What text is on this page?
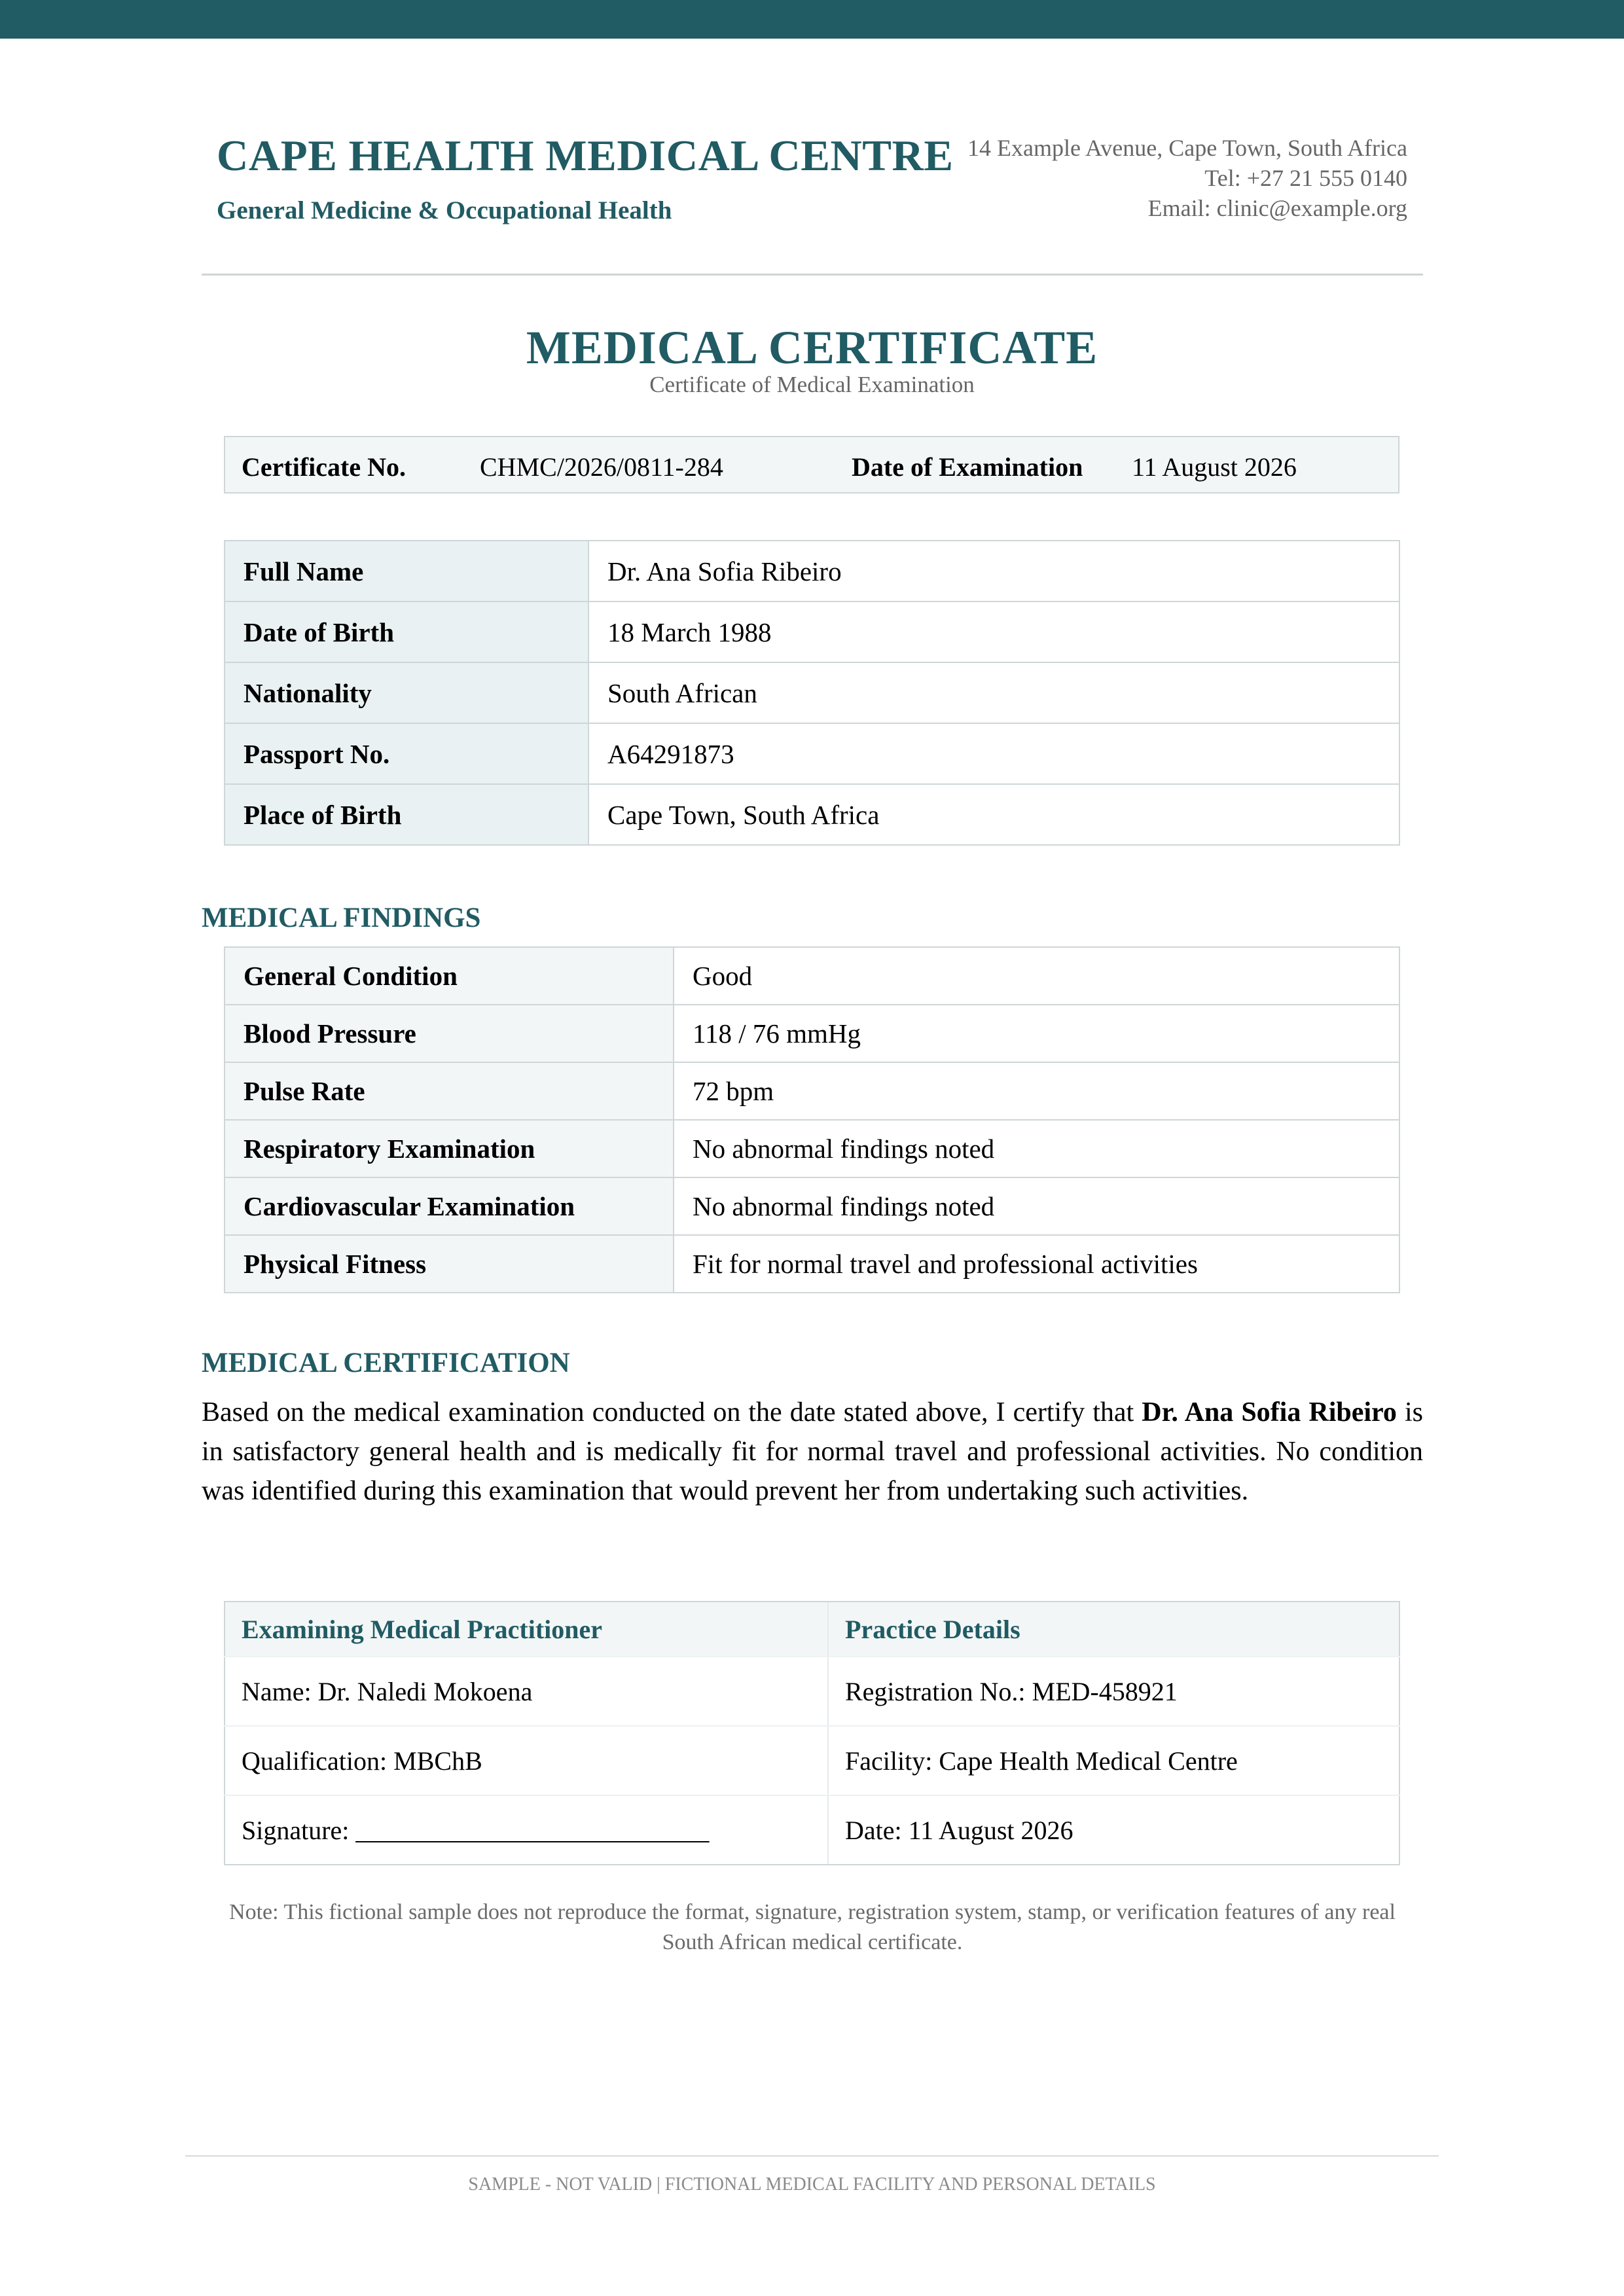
CAPE HEALTH MEDICAL CENTRE
General Medicine & Occupational Health
14 Example Avenue, Cape Town, South Africa
Tel: +27 21 555 0140
Email: clinic@example.org
MEDICAL CERTIFICATE
Certificate of Medical Examination
Certificate No.	CHMC/2026/0811-284	Date of Examination 11 August 2026
Full Name	Dr. Ana Sofia Ribeiro
Date of Birth	18 March 1988
Nationality	South African
Passport No.	A64291873
Place of Birth	Cape Town, South Africa
MEDICAL FINDINGS
General Condition	Good
Blood Pressure	118 / 76 mmHg
Pulse Rate	72 bpm
Respiratory Examination	No abnormal findings noted
Cardiovascular Examination	No abnormal findings noted
Physical Fitness	Fit for normal travel and professional activities
MEDICAL CERTIFICATION
Based on the medical examination conducted on the date stated above, I certify that Dr. Ana Sofia Ribeiro is in satisfactory general health and is medically fit for normal travel and professional activities. No condition was identified during this examination that would prevent her from undertaking such activities.
Examining Medical Practitioner	Practice Details
Name: Dr. Naledi Mokoena	Registration No.: MED-458921
Qualification: MBChB	Facility: Cape Health Medical Centre
Signature: ___________________________	Date: 11 August 2026
Note: This fictional sample does not reproduce the format, signature, registration system, stamp, or verification features of any real South African medical certificate.
SAMPLE - NOT VALID | FICTIONAL MEDICAL FACILITY AND PERSONAL DETAILS
